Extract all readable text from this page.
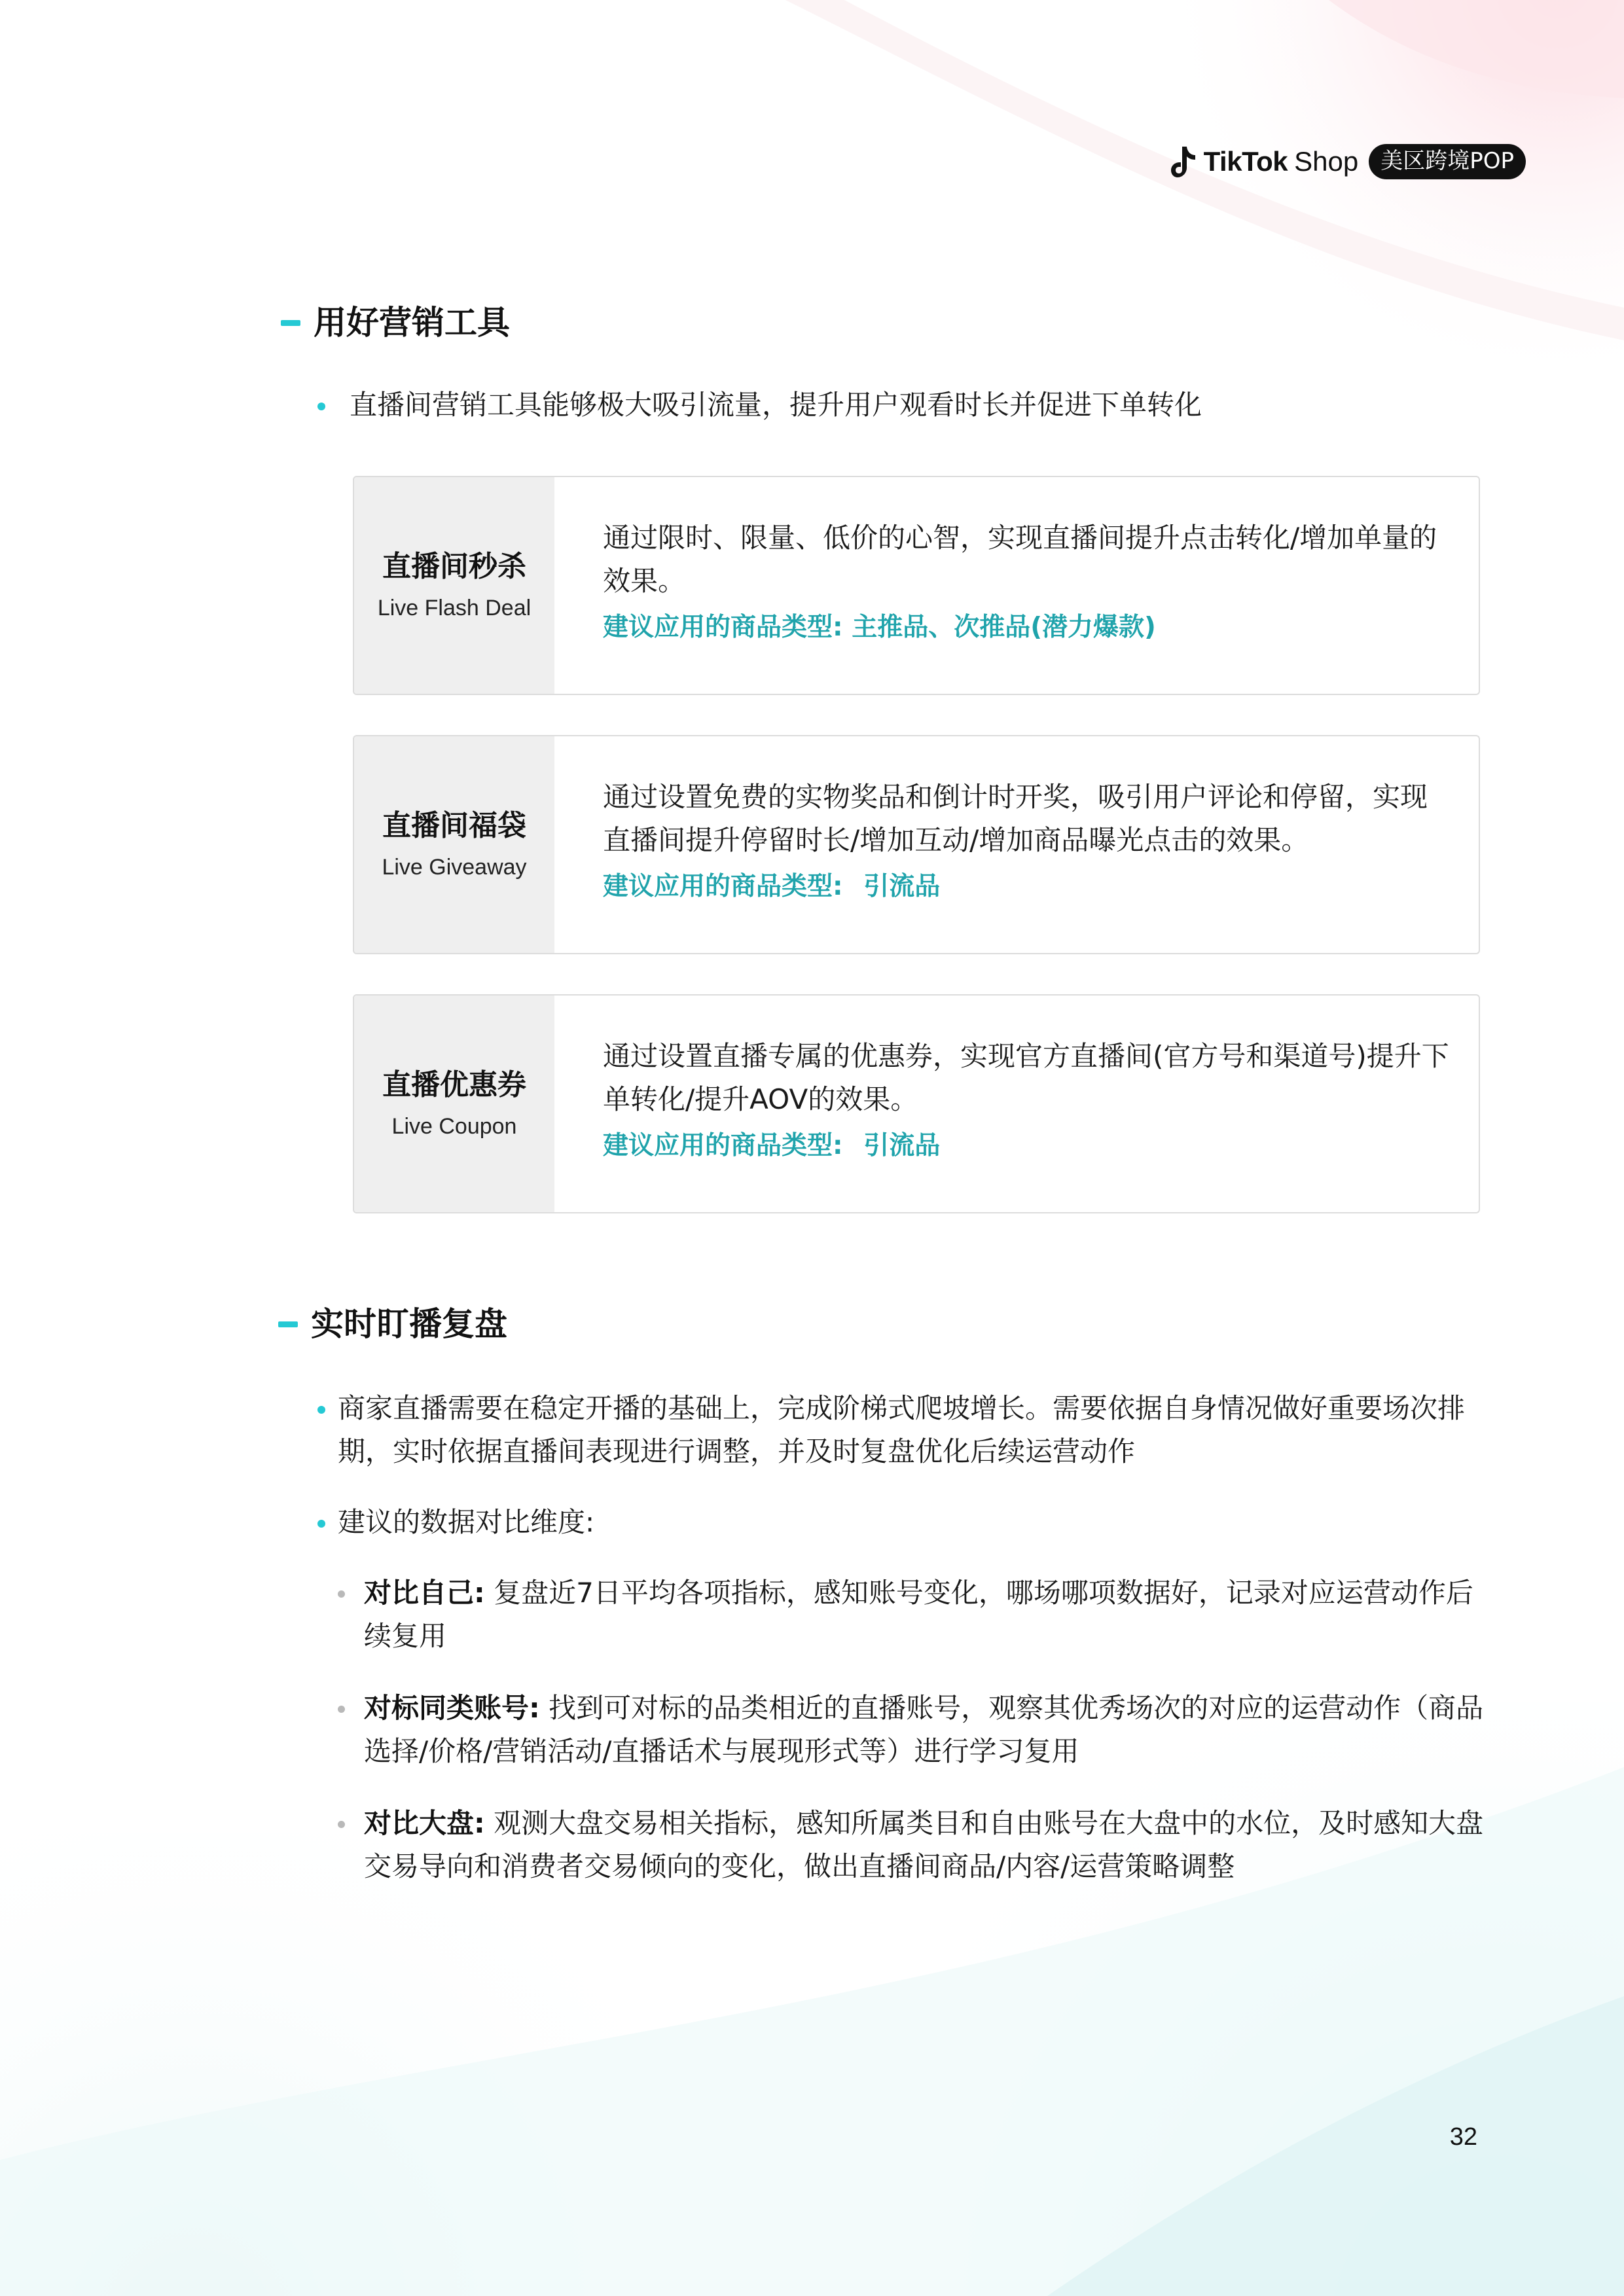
TikTok Shop	美区跨境POP
用好营销工具
直播间营销工具能够极大吸引流量，提升用户观看时长并促进下单转化
直播间秒杀
Live Flash Deal
通过限时、限量、低价的心智，实现直播间提升点击转化/增加单量的效果。
建议应用的商品类型: 主推品、次推品(潜力爆款)
直播间福袋
Live Giveaway
通过设置免费的实物奖品和倒计时开奖，吸引用户评论和停留，实现直播间提升停留时长/增加互动/增加商品曝光点击的效果。
建议应用的商品类型: 引流品
直播优惠券
Live Coupon
通过设置直播专属的优惠券，实现官方直播间(官方号和渠道号)提升下单转化/提升AOV的效果。
建议应用的商品类型: 引流品
实时盯播复盘
商家直播需要在稳定开播的基础上，完成阶梯式爬坡增长。需要依据自身情况做好重要场次排期，实时依据直播间表现进行调整，并及时复盘优化后续运营动作
建议的数据对比维度:
对比自己: 复盘近7日平均各项指标，感知账号变化，哪场哪项数据好，记录对应运营动作后续复用
对标同类账号: 找到可对标的品类相近的直播账号，观察其优秀场次的对应的运营动作（商品选择/价格/营销活动/直播话术与展现形式等）进行学习复用
对比大盘: 观测大盘交易相关指标，感知所属类目和自由账号在大盘中的水位，及时感知大盘交易导向和消费者交易倾向的变化，做出直播间商品/内容/运营策略调整
32
